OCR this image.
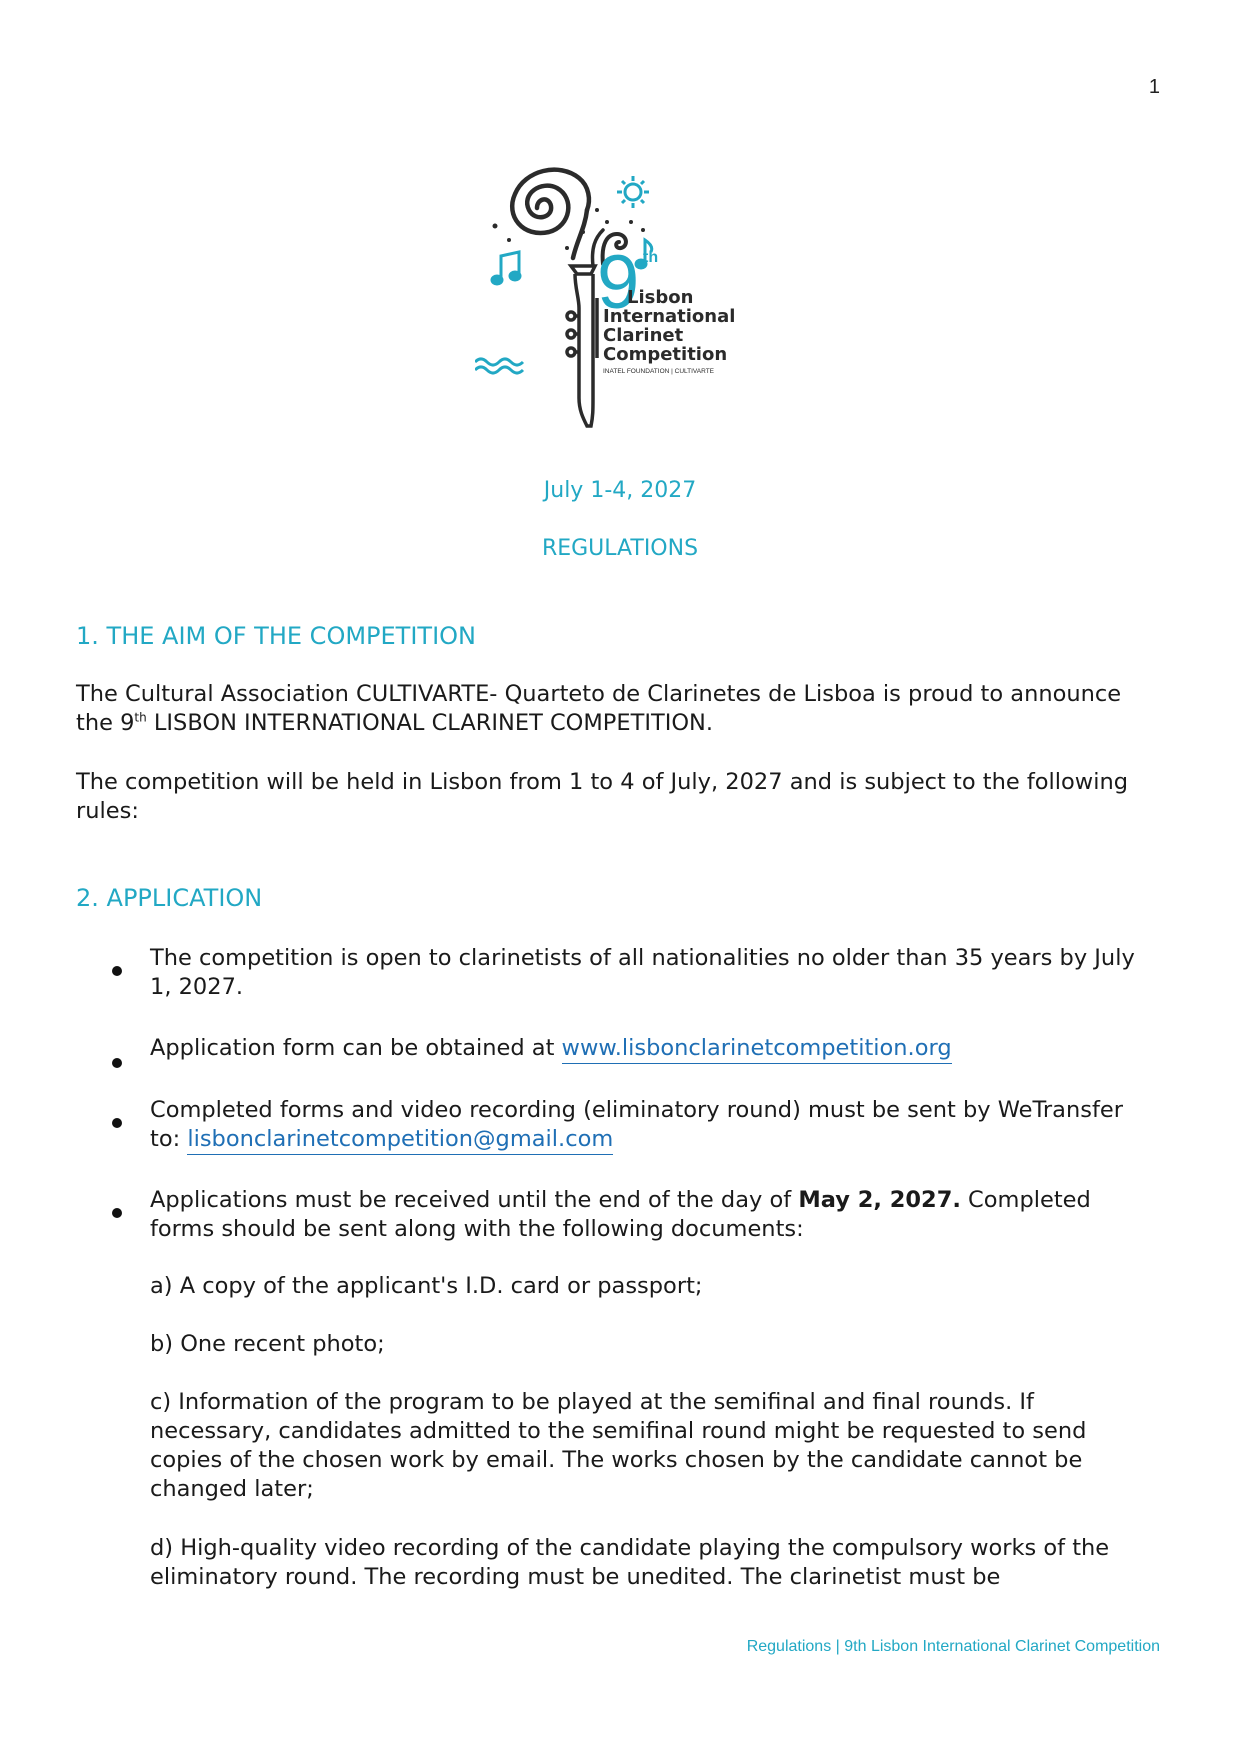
1
9 th
Lisbon
International
Clarinet
Competition
INATEL FOUNDATION | CULTIVARTE
July 1-4, 2027
REGULATIONS
1. THE AIM OF THE COMPETITION

The Cultural Association CULTIVARTE- Quarteto de Clarinetes de Lisboa is proud to announce the 9th LISBON INTERNATIONAL CLARINET COMPETITION.

The competition will be held in Lisbon from 1 to 4 of July, 2027 and is subject to the following rules:

2. APPLICATION

The competition is open to clarinetists of all nationalities no older than 35 years by July 1, 2027.

Application form can be obtained at www.lisbonclarinetcompetition.org

Completed forms and video recording (eliminatory round) must be sent by WeTransfer to: lisbonclarinetcompetition@gmail.com

Applications must be received until the end of the day of May 2, 2027. Completed forms should be sent along with the following documents:

a) A copy of the applicant's I.D. card or passport;

b) One recent photo;

c) Information of the program to be played at the semifinal and final rounds. If necessary, candidates admitted to the semifinal round might be requested to send copies of the chosen work by email. The works chosen by the candidate cannot be changed later;

d) High-quality video recording of the candidate playing the compulsory works of the eliminatory round. The recording must be unedited. The clarinetist must be

Regulations | 9th Lisbon International Clarinet Competition
